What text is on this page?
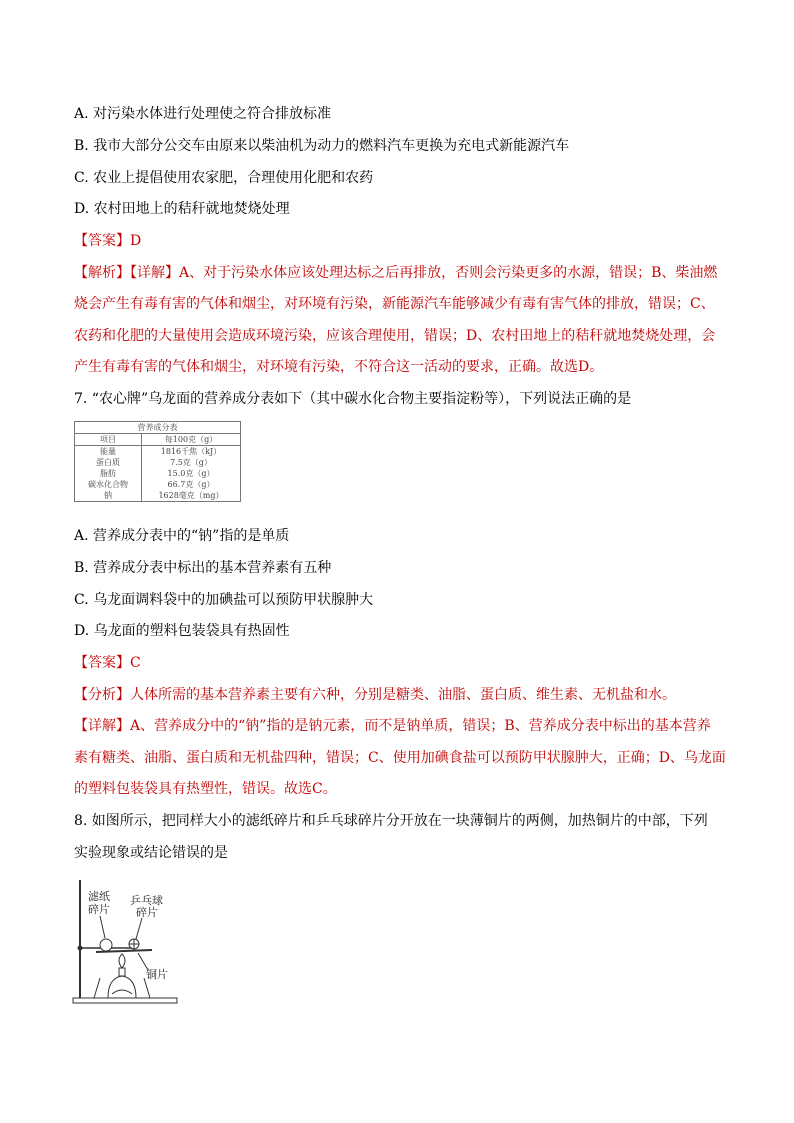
A. 对污染水体进行处理使之符合排放标准
B. 我市大部分公交车由原来以柴油机为动力的燃料汽车更换为充电式新能源汽车
C. 农业上提倡使用农家肥，合理使用化肥和农药
D. 农村田地上的秸秆就地焚烧处理
【答案】D
【解析】【详解】A、对于污染水体应该处理达标之后再排放，否则会污染更多的水源，错误；B、柴油燃
烧会产生有毒有害的气体和烟尘，对环境有污染，新能源汽车能够减少有毒有害气体的排放，错误；C、
农药和化肥的大量使用会造成环境污染，应该合理使用，错误；D、农村田地上的秸秆就地焚烧处理，会
产生有毒有害的气体和烟尘，对环境有污染，不符合这一活动的要求，正确。故选D。
7. “农心牌”乌龙面的营养成分表如下（其中碳水化合物主要指淀粉等），下列说法正确的是
营养成分表	
项目	每100克（g）
能量	1816千焦（kJ）
蛋白质	7.5克（g）
脂肪	15.0克（g）
碳水化合物	66.7克（g）
钠	1628毫克（mg）
A. 营养成分表中的“钠”指的是单质
B. 营养成分表中标出的基本营养素有五种
C. 乌龙面调料袋中的加碘盐可以预防甲状腺肿大
D. 乌龙面的塑料包装袋具有热固性
【答案】C
【分析】人体所需的基本营养素主要有六种，分别是糖类、油脂、蛋白质、维生素、无机盐和水。
【详解】A、营养成分中的“钠”指的是钠元素，而不是钠单质，错误；B、营养成分表中标出的基本营养
素有糖类、油脂、蛋白质和无机盐四种，错误；C、使用加碘食盐可以预防甲状腺肿大，正确；D、乌龙面
的塑料包装袋具有热塑性，错误。故选C。
8. 如图所示，把同样大小的滤纸碎片和乒乓球碎片分开放在一块薄铜片的两侧，加热铜片的中部，下列
实验现象或结论错误的是
滤纸
碎片
乒乓球
碎片
铜片
